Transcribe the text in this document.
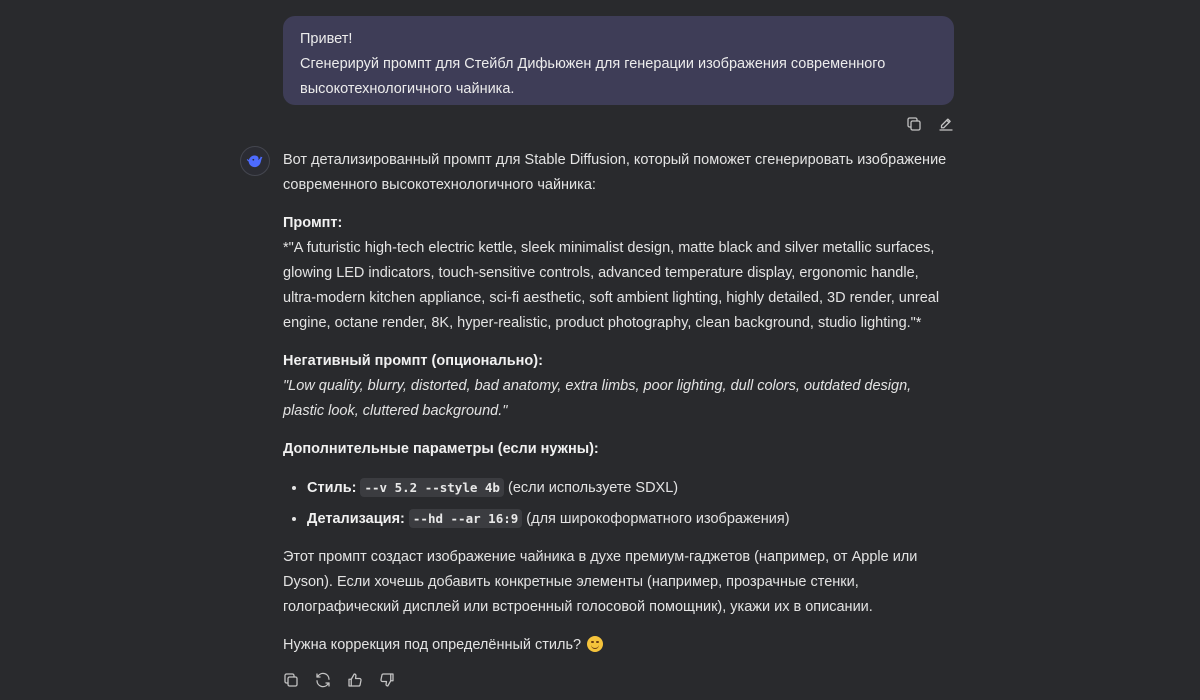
Привет!

Сгенерируй промпт для Стейбл Дифьюжен для генерации изображения современного высокотехнологичного чайника.

Вот детализированный промпт для Stable Diffusion, который поможет сгенерировать изображение современного высокотехнологичного чайника:

Промпт:
*"A futuristic high-tech electric kettle, sleek minimalist design, matte black and silver metallic surfaces, glowing LED indicators, touch-sensitive controls, advanced temperature display, ergonomic handle, ultra-modern kitchen appliance, sci-fi aesthetic, soft ambient lighting, highly detailed, 3D render, unreal engine, octane render, 8K, hyper-realistic, product photography, clean background, studio lighting."*

Негативный промпт (опционально):
"Low quality, blurry, distorted, bad anatomy, extra limbs, poor lighting, dull colors, outdated design, plastic look, cluttered background."

Дополнительные параметры (если нужны):

• Стиль: --v 5.2 --style 4b (если используете SDXL)
• Детализация: --hd --ar 16:9 (для широкоформатного изображения)

Этот промпт создаст изображение чайника в духе премиум-гаджетов (например, от Apple или Dyson). Если хочешь добавить конкретные элементы (например, прозрачные стенки, голографический дисплей или встроенный голосовой помощник), укажи их в описании.

Нужна коррекция под определённый стиль?
